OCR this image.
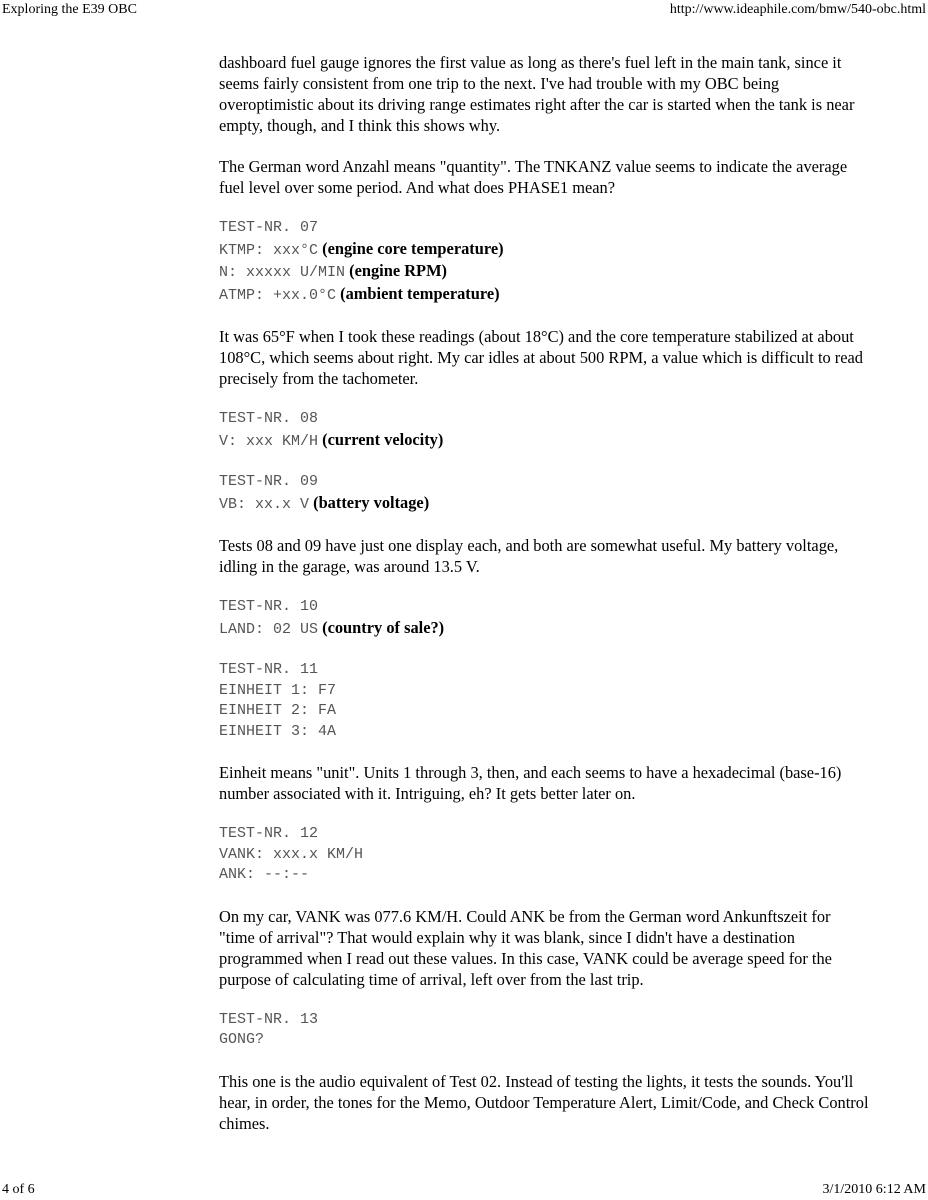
Exploring the E39 OBC	http://www.ideaphile.com/bmw/540-obc.html

dashboard fuel gauge ignores the first value as long as there's fuel left in the main tank, since it seems fairly consistent from one trip to the next. I've had trouble with my OBC being overoptimistic about its driving range estimates right after the car is started when the tank is near empty, though, and I think this shows why.

The German word Anzahl means "quantity". The TNKANZ value seems to indicate the average fuel level over some period. And what does PHASE1 mean?

TEST-NR. 07
KTMP: xxx°C (engine core temperature)
N: xxxxx U/MIN (engine RPM)
ATMP: +xx.0°C (ambient temperature)

It was 65°F when I took these readings (about 18°C) and the core temperature stabilized at about 108°C, which seems about right. My car idles at about 500 RPM, a value which is difficult to read precisely from the tachometer.

TEST-NR. 08
V: xxx KM/H (current velocity)
TEST-NR. 09
VB: xx.x V (battery voltage)

Tests 08 and 09 have just one display each, and both are somewhat useful. My battery voltage, idling in the garage, was around 13.5 V.

TEST-NR. 10
LAND: 02 US (country of sale?)
TEST-NR. 11
EINHEIT 1: F7
EINHEIT 2: FA
EINHEIT 3: 4A

Einheit means "unit". Units 1 through 3, then, and each seems to have a hexadecimal (base-16) number associated with it. Intriguing, eh? It gets better later on.

TEST-NR. 12
VANK: xxx.x KM/H
ANK: --:--

On my car, VANK was 077.6 KM/H. Could ANK be from the German word Ankunftszeit for "time of arrival"? That would explain why it was blank, since I didn't have a destination programmed when I read out these values. In this case, VANK could be average speed for the purpose of calculating time of arrival, left over from the last trip.

TEST-NR. 13
GONG?

This one is the audio equivalent of Test 02. Instead of testing the lights, it tests the sounds. You'll hear, in order, the tones for the Memo, Outdoor Temperature Alert, Limit/Code, and Check Control chimes.

4 of 6	3/1/2010 6:12 AM
